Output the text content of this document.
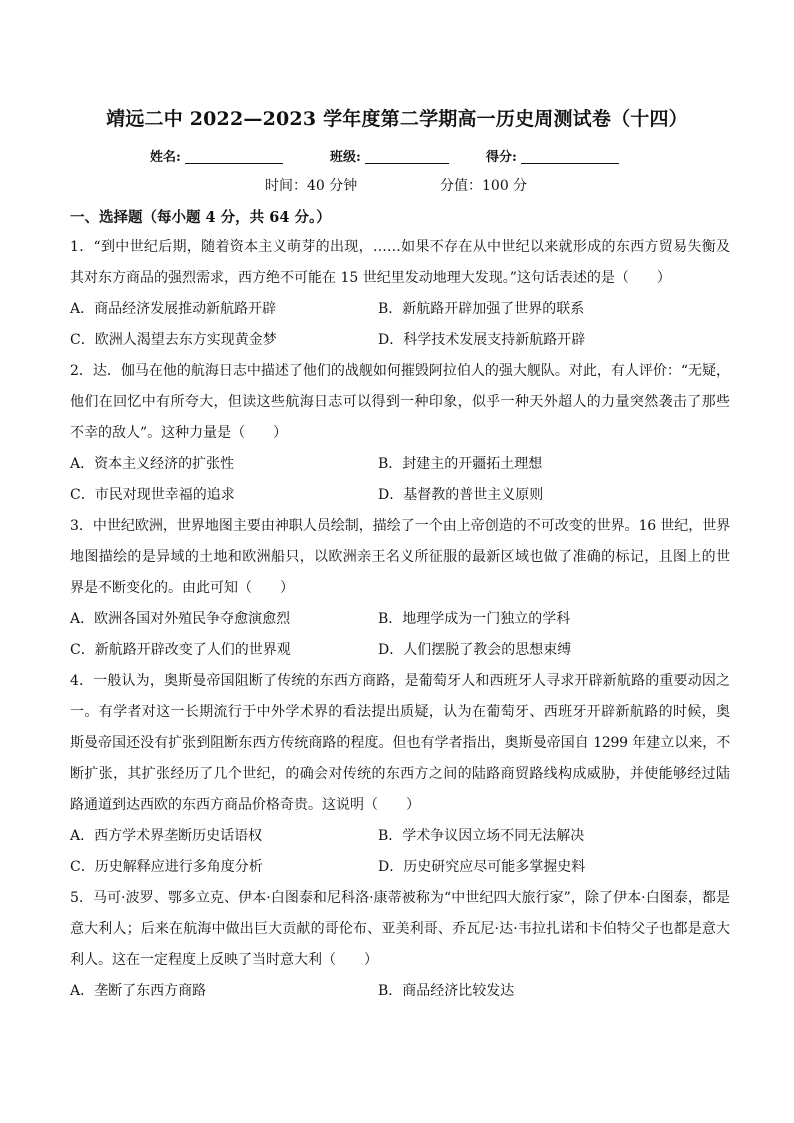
靖远二中 2022—2023 学年度第二学期高一历史周测试卷（十四）
姓名:	班级:	得分:
时间：40 分钟	分值：100 分
一、选择题（每小题 4 分，共 64 分。）
1．“到中世纪后期，随着资本主义萌芽的出现，……如果不存在从中世纪以来就形成的东西方贸易失衡及
其对东方商品的强烈需求，西方绝不可能在 15 世纪里发动地理大发现。”这句话表述的是（　　）
A．商品经济发展推动新航路开辟	B．新航路开辟加强了世界的联系
C．欧洲人渴望去东方实现黄金梦	D．科学技术发展支持新航路开辟
2．达．伽马在他的航海日志中描述了他们的战舰如何摧毁阿拉伯人的强大舰队。对此，有人评价：“无疑，
他们在回忆中有所夸大，但读这些航海日志可以得到一种印象，似乎一种天外超人的力量突然袭击了那些
不幸的敌人”。这种力量是（　　）
A．资本主义经济的扩张性	B．封建主的开疆拓土理想
C．市民对现世幸福的追求	D．基督教的普世主义原则
3．中世纪欧洲，世界地图主要由神职人员绘制，描绘了一个由上帝创造的不可改变的世界。16 世纪，世界
地图描绘的是异域的土地和欧洲船只，以欧洲亲王名义所征服的最新区域也做了准确的标记，且图上的世
界是不断变化的。由此可知（　　）
A．欧洲各国对外殖民争夺愈演愈烈	B．地理学成为一门独立的学科
C．新航路开辟改变了人们的世界观	D．人们摆脱了教会的思想束缚
4．一般认为，奥斯曼帝国阻断了传统的东西方商路，是葡萄牙人和西班牙人寻求开辟新航路的重要动因之
一。有学者对这一长期流行于中外学术界的看法提出质疑，认为在葡萄牙、西班牙开辟新航路的时候，奥
斯曼帝国还没有扩张到阻断东西方传统商路的程度。但也有学者指出，奥斯曼帝国自 1299 年建立以来，不
断扩张，其扩张经历了几个世纪，的确会对传统的东西方之间的陆路商贸路线构成威胁，并使能够经过陆
路通道到达西欧的东西方商品价格奇贵。这说明（　　）
A．西方学术界垄断历史话语权	B．学术争议因立场不同无法解决
C．历史解释应进行多角度分析	D．历史研究应尽可能多掌握史料
5．马可·波罗、鄂多立克、伊本·白图泰和尼科洛·康蒂被称为“中世纪四大旅行家”，除了伊本·白图泰，都是
意大利人；后来在航海中做出巨大贡献的哥伦布、亚美利哥、乔瓦尼·达·韦拉扎诺和卡伯特父子也都是意大
利人。这在一定程度上反映了当时意大利（　　）
A．垄断了东西方商路	B．商品经济比较发达
